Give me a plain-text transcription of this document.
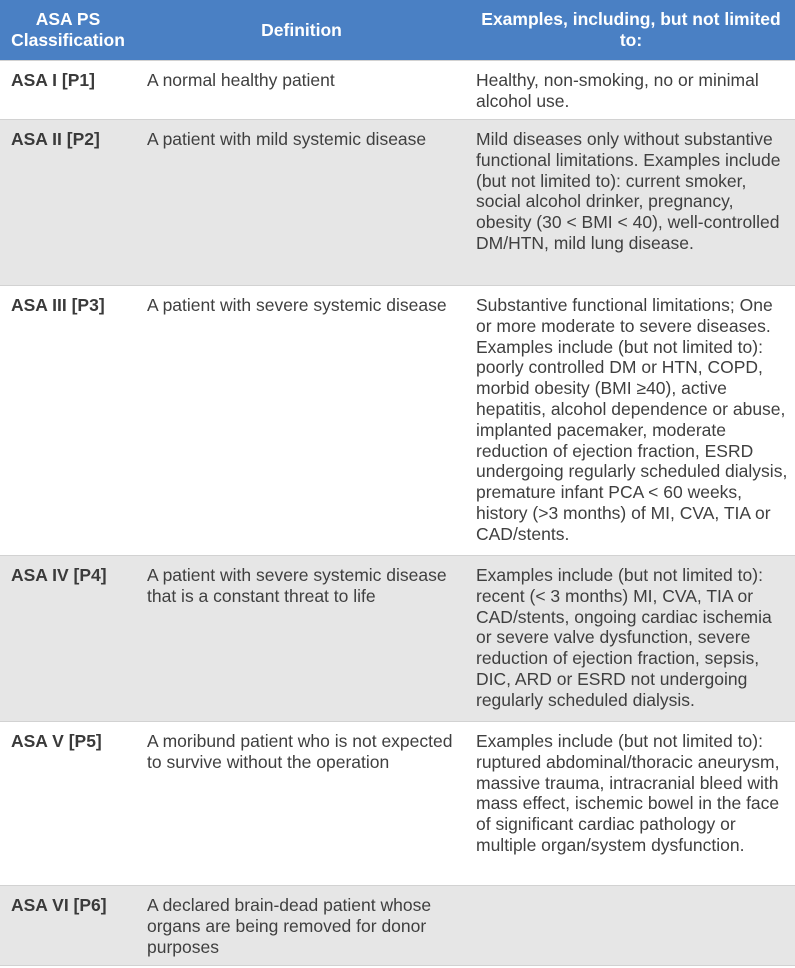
ASA PS Classification	Definition	Examples, including, but not limited to:
ASA I [P1]	A normal healthy patient	Healthy, non-smoking, no or minimal alcohol use.
ASA II [P2]	A patient with mild systemic disease	Mild diseases only without substantive functional limitations. Examples include (but not limited to): current smoker, social alcohol drinker, pregnancy, obesity (30 < BMI < 40), well-controlled DM/HTN, mild lung disease.
ASA III [P3]	A patient with severe systemic disease	Substantive functional limitations; One or more moderate to severe diseases. Examples include (but not limited to): poorly controlled DM or HTN, COPD, morbid obesity (BMI ≥40), active hepatitis, alcohol dependence or abuse, implanted pacemaker, moderate reduction of ejection fraction, ESRD undergoing regularly scheduled dialysis, premature infant PCA < 60 weeks, history (>3 months) of MI, CVA, TIA or CAD/stents.
ASA IV [P4]	A patient with severe systemic disease that is a constant threat to life	Examples include (but not limited to): recent (< 3 months) MI, CVA, TIA or CAD/stents, ongoing cardiac ischemia or severe valve dysfunction, severe reduction of ejection fraction, sepsis, DIC, ARD or ESRD not undergoing regularly scheduled dialysis.
ASA V [P5]	A moribund patient who is not expected to survive without the operation	Examples include (but not limited to): ruptured abdominal/thoracic aneurysm, massive trauma, intracranial bleed with mass effect, ischemic bowel in the face of significant cardiac pathology or multiple organ/system dysfunction.
ASA VI [P6]	A declared brain-dead patient whose organs are being removed for donor purposes	
